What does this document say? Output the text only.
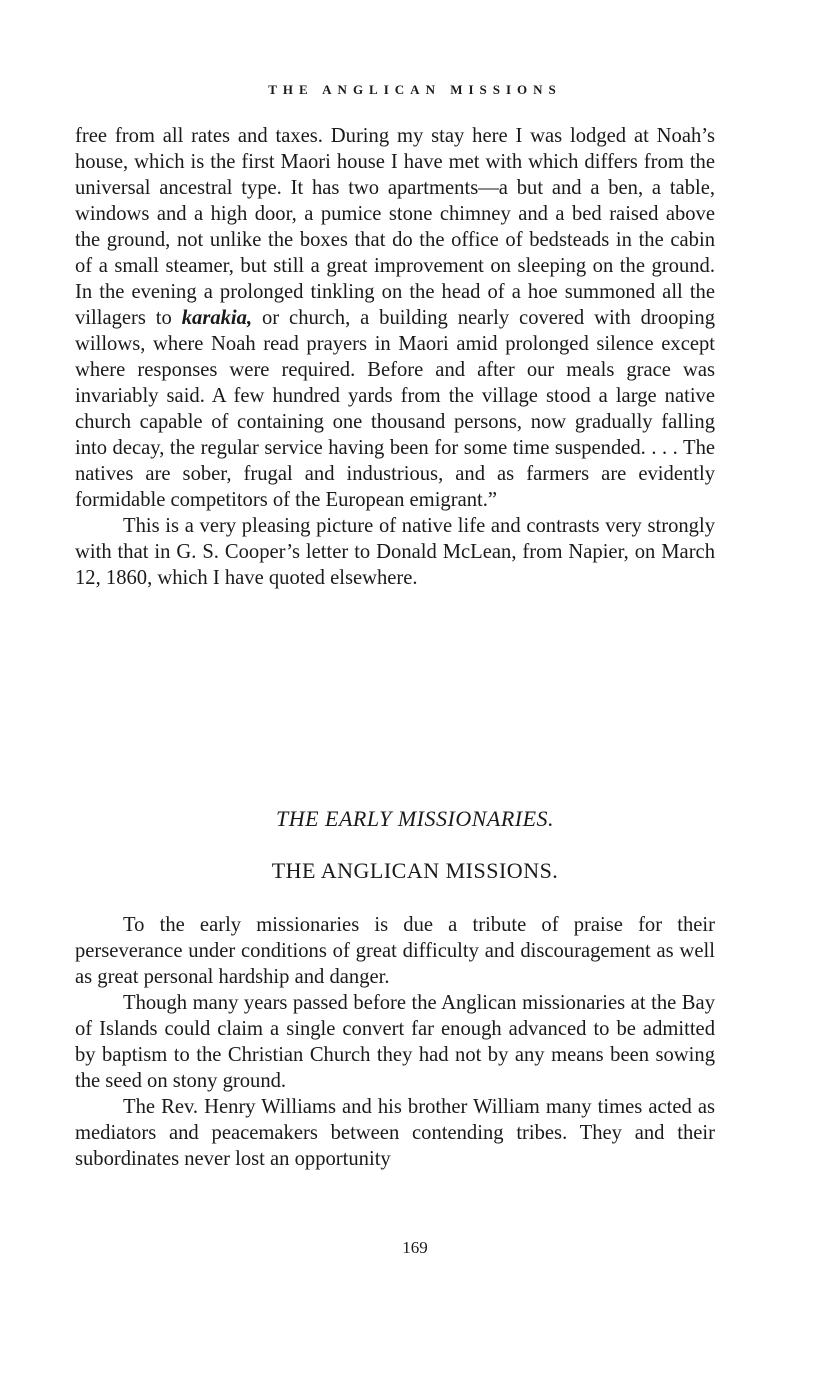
THE ANGLICAN MISSIONS

free from all rates and taxes. During my stay here I was lodged at Noah’s house, which is the first Maori house I have met with which differs from the universal ancestral type. It has two apartments—a but and a ben, a table, windows and a high door, a pumice stone chimney and a bed raised above the ground, not unlike the boxes that do the office of bedsteads in the cabin of a small steamer, but still a great improvement on sleeping on the ground. In the evening a prolonged tinkling on the head of a hoe summoned all the villagers to karakia, or church, a building nearly covered with drooping willows, where Noah read prayers in Maori amid prolonged silence except where responses were required. Before and after our meals grace was invariably said. A few hundred yards from the village stood a large native church capable of containing one thousand persons, now gradually falling into decay, the regular service having been for some time suspended. . . . The natives are sober, frugal and industrious, and as farmers are evidently formidable competitors of the European emigrant.”

This is a very pleasing picture of native life and contrasts very strongly with that in G. S. Cooper’s letter to Donald McLean, from Napier, on March 12, 1860, which I have quoted elsewhere.

THE EARLY MISSIONARIES.
THE ANGLICAN MISSIONS.

To the early missionaries is due a tribute of praise for their perseverance under conditions of great difficulty and discouragement as well as great personal hardship and danger.

Though many years passed before the Anglican missionaries at the Bay of Islands could claim a single convert far enough advanced to be admitted by baptism to the Christian Church they had not by any means been sowing the seed on stony ground.

The Rev. Henry Williams and his brother William many times acted as mediators and peacemakers between contending tribes. They and their subordinates never lost an opportunity

169
